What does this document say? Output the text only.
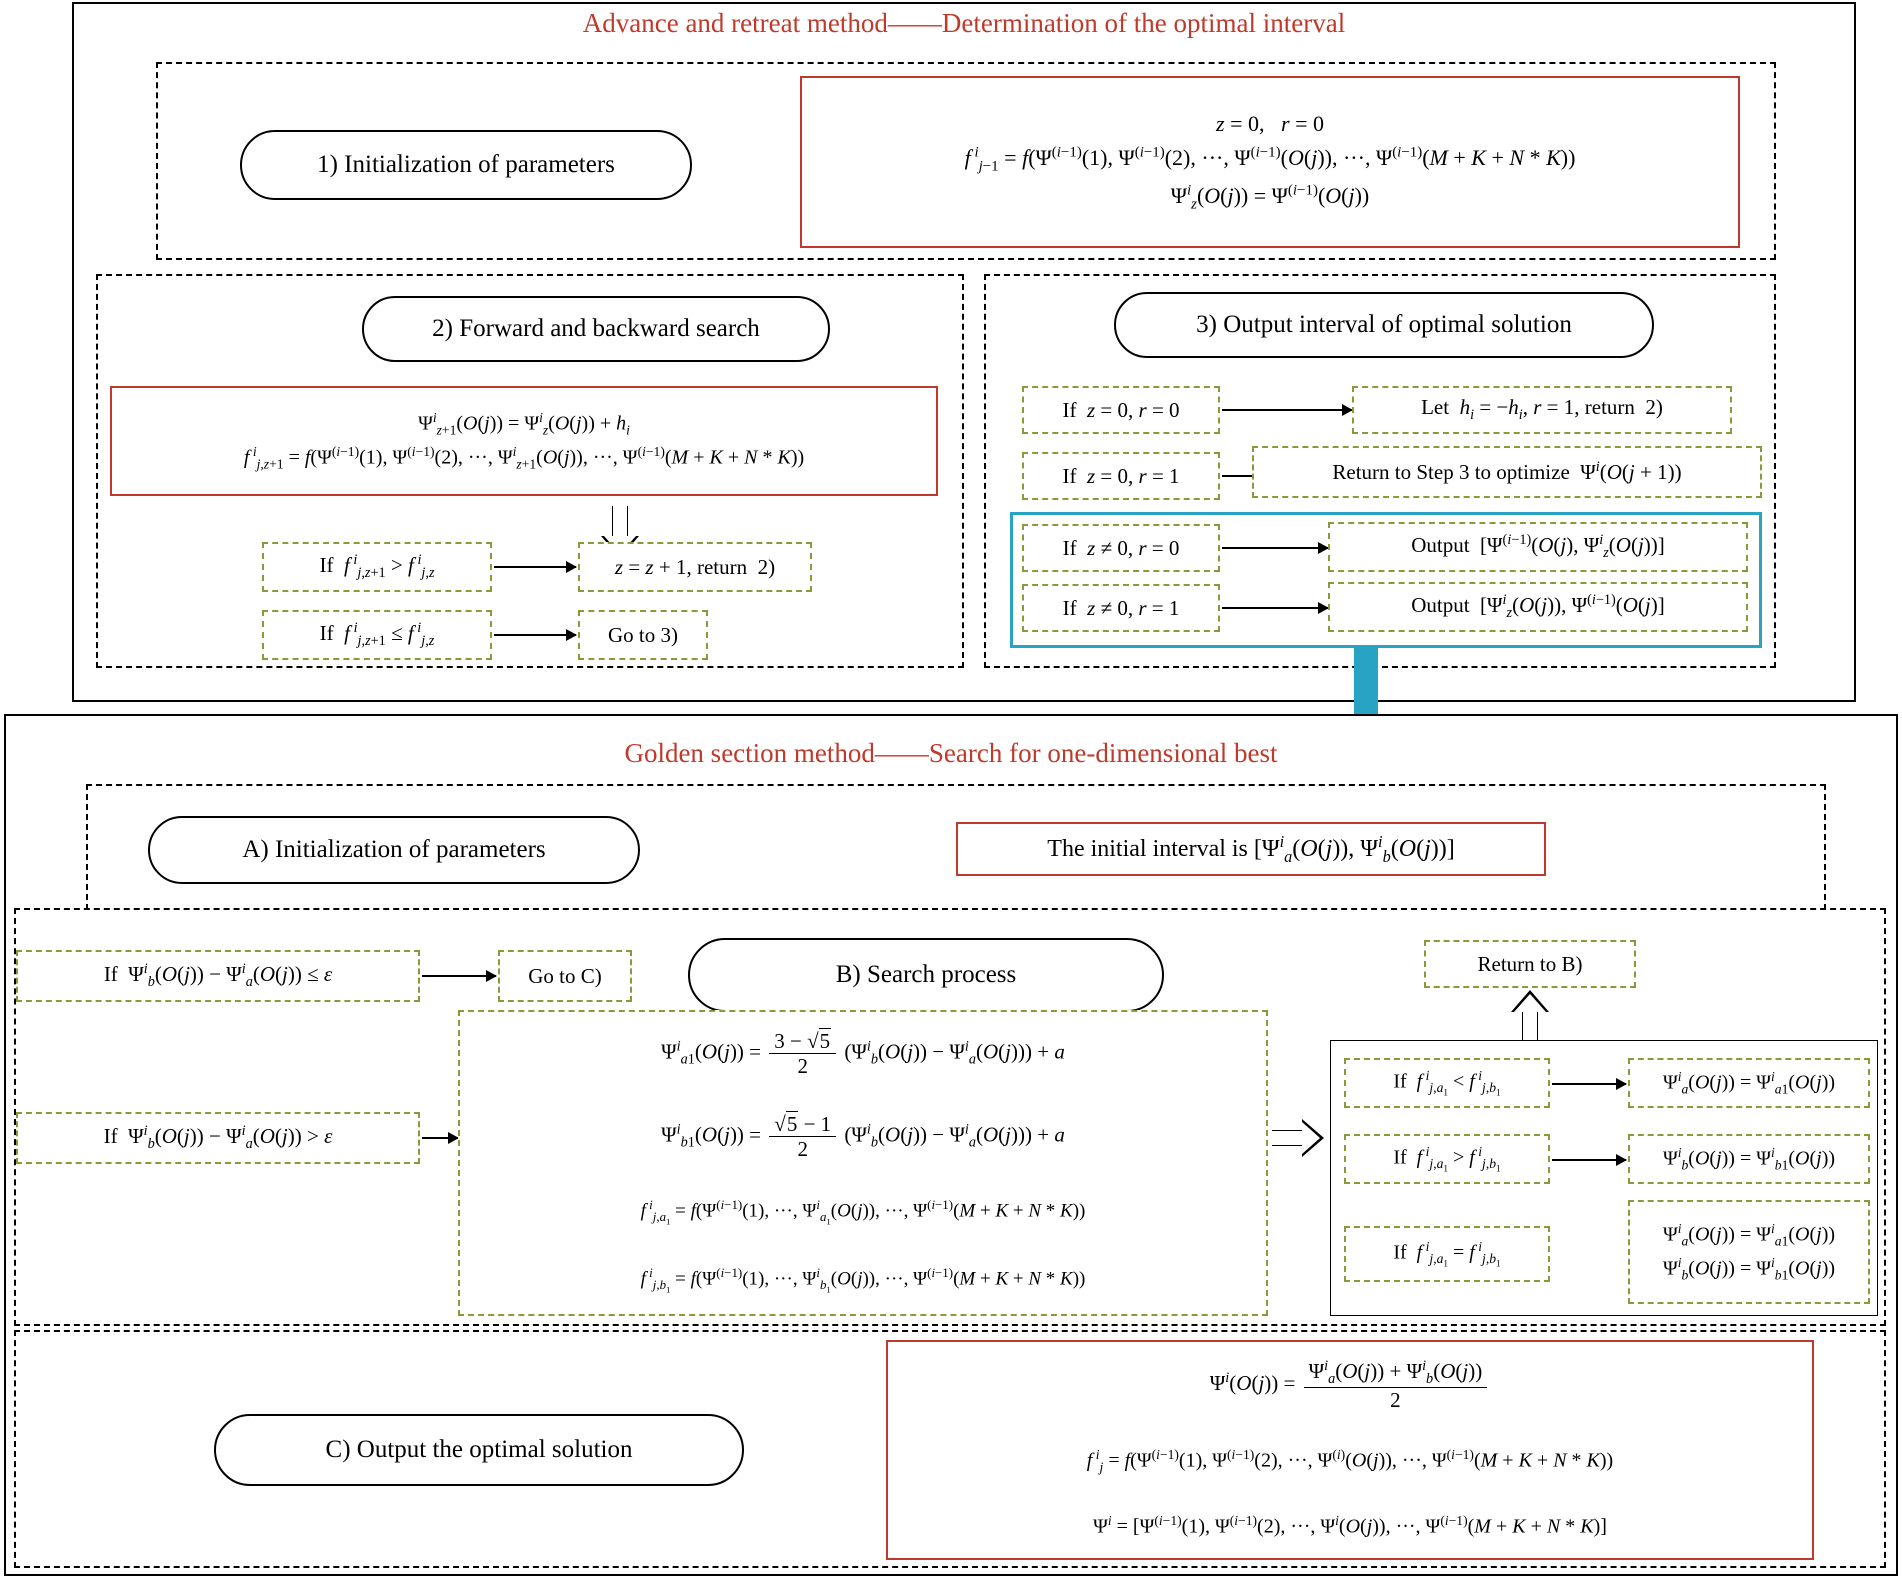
Advance and retreat method——Determination of the optimal interval
1) Initialization of parameters
z = 0,   r = 0
f $^i_{j-1} = f(\Psi^{(i-1)}(1)$, $\Psi^{(i-1)}(2)$, ···, $\Psi^{(i-1)}(O(j))$, ···, $\Psi^{(i-1)}(M + K + N * K)$)
$\Psi^i_z(O(j)) = \Psi^{(i-1)}(O(j))$
2) Forward and backward search
$\Psi^i_{z+1}(O(j)) = \Psi^i_z(O(j)) + h_i$
f $^i_{j,z+1} = f(\Psi^{(i-1)}(1)$, $\Psi^{(i-1)}(2)$, ···, $\Psi^i_{z+1}(O(j))$, ···, $\Psi^{(i-1)}(M + K + N * K)$)
If  f $^i_{j,z+1}$ > f $^i_{j,z}$	z = z + 1, return  2)
If  f $^i_{j,z+1}$ ≤ f $^i_{j,z}$	Go to 3)
3) Output interval of optimal solution
If  z = 0, r = 0	Let  $h_i = -h_i$, r = 1, return  2)
If  z = 0, r = 1	Return to Step 3 to optimize  $\Psi^i(O(j + 1))$
If  z ≠ 0, r = 0	Output  [$\Psi^{(i-1)}(O(j)$, $\Psi^i_z(O(j))$]
If  z ≠ 0, r = 1	Output  [$\Psi^i_z(O(j))$, $\Psi^{(i-1)}(O(j)]$
Golden section method——Search for one-dimensional best
A) Initialization of parameters	The initial interval is [$\Psi^i_a(O(j))$, $\Psi^i_b(O(j))$]
B) Search process
If  $\Psi^i_b(O(j)) - \Psi^i_a(O(j)) \le \varepsilon$	Go to C)
If  $\Psi^i_b(O(j)) - \Psi^i_a(O(j)) > \varepsilon$
$\Psi^i_{a1}(O(j)) = \frac{3 - √5}{2} (\Psi^i_b(O(j)) - \Psi^i_a(O(j))) + a$
$\Psi^i_{b1}(O(j)) = \frac{√5 - 1}{2} (\Psi^i_b(O(j)) - \Psi^i_a(O(j))) + a$
f $^i_{j,a_1} = f(\Psi^{(i-1)}(1)$, ···, $\Psi^i_{a_1}(O(j))$, ···, $\Psi^{(i-1)}(M + K + N * K)$)
f $^i_{j,b_1} = f(\Psi^{(i-1)}(1)$, ···, $\Psi^i_{b_1}(O(j))$, ···, $\Psi^{(i-1)}(M + K + N * K)$)
Return to B)
If  f $^i_{j,a_1}$ < f $^i_{j,b_1}$	$\Psi^i_a(O(j)) = \Psi^i_{a1}(O(j))$
If  f $^i_{j,a_1}$ > f $^i_{j,b_1}$	$\Psi^i_b(O(j)) = \Psi^i_{b1}(O(j))$
If  f $^i_{j,a_1}$ = f $^i_{j,b_1}$
$\Psi^i_a(O(j)) = \Psi^i_{a1}(O(j))$
$\Psi^i_b(O(j)) = \Psi^i_{b1}(O(j))$
C) Output the optimal solution
$\Psi^i(O(j)) = \frac{\Psi^i_a(O(j)) + \Psi^i_b(O(j))}{2}$
f $^i_j = f(\Psi^{(i-1)}(1)$, $\Psi^{(i-1)}(2)$, ···, $\Psi^{(i)}(O(j))$, ···, $\Psi^{(i-1)}(M + K + N * K)$)
$\Psi^i = [\Psi^{(i-1)}(1)$, $\Psi^{(i-1)}(2)$, ···, $\Psi^i(O(j))$, ···, $\Psi^{(i-1)}(M + K + N * K)$]
